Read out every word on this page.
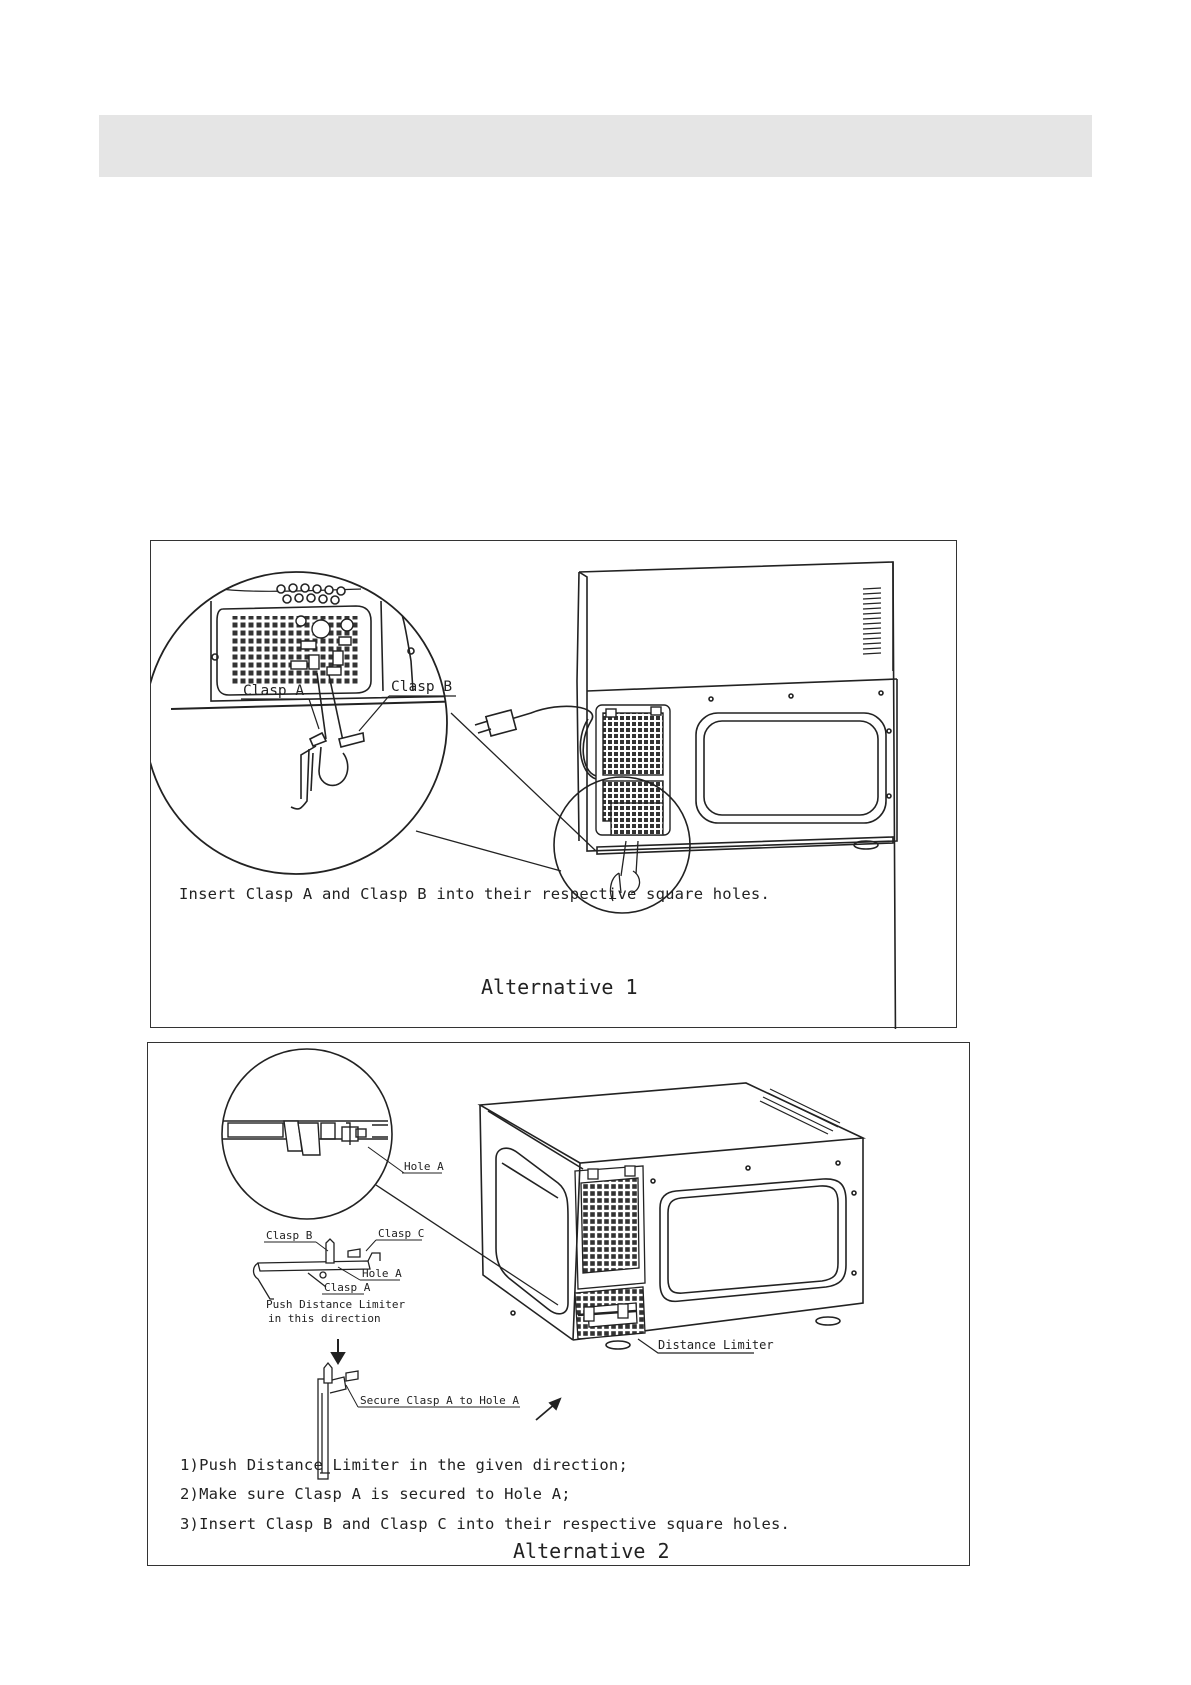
Clasp A	Clasp B
Insert Clasp A and Clasp B into their respective square holes.
Alternative 1
Distance Limiter
Hole A
Clasp B	Clasp C
Hole A
Clasp A
Push Distance Limiter
in this direction
Secure Clasp A to Hole A
1)Push Distance Limiter in the given direction;
2)Make sure Clasp A is secured to Hole A;
3)Insert Clasp B and Clasp C into their respective square holes.
Alternative 2
